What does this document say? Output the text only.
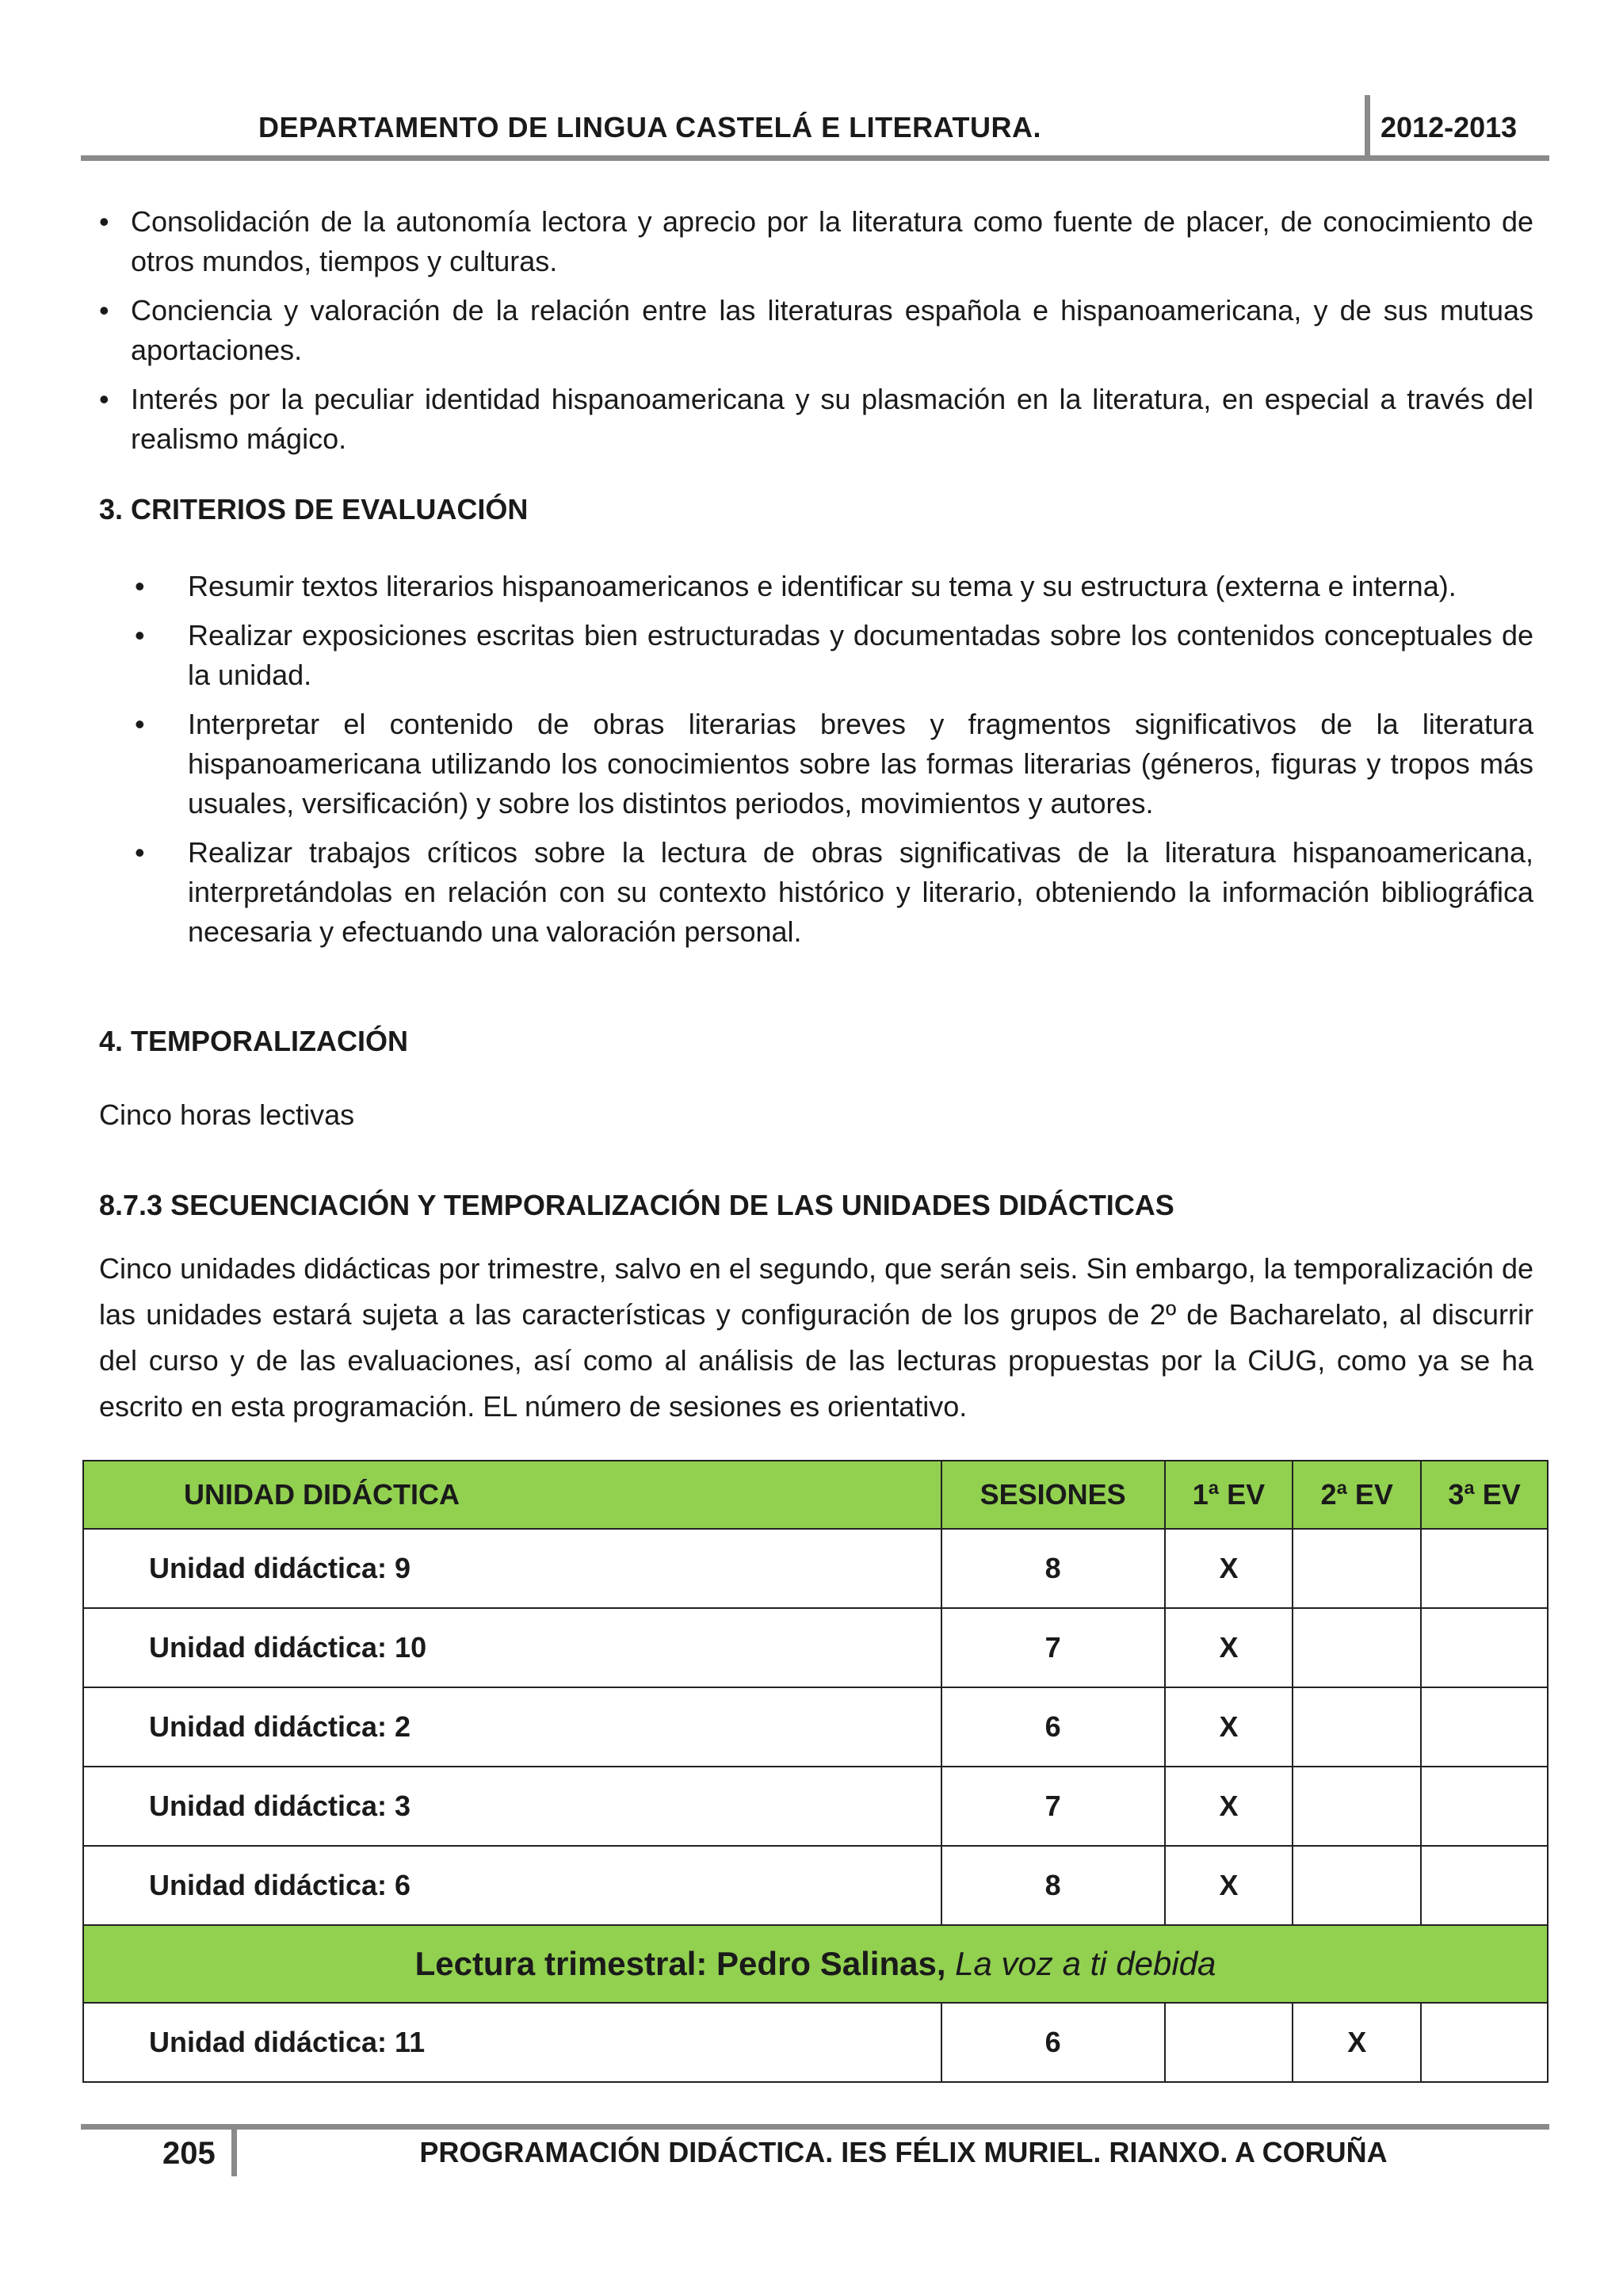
DEPARTAMENTO DE LINGUA CASTELÁ E LITERATURA.	2012-2013
• Consolidación de la autonomía lectora y aprecio por la literatura como fuente de placer, de conocimiento de otros mundos, tiempos y culturas.
• Conciencia y valoración de la relación entre las literaturas española e hispanoamericana, y de sus mutuas aportaciones.
• Interés por la peculiar identidad hispanoamericana y su plasmación en la literatura, en especial a través del realismo mágico.
3. CRITERIOS DE EVALUACIÓN
• Resumir textos literarios hispanoamericanos e identificar su tema y su estructura (externa e interna).
• Realizar exposiciones escritas bien estructuradas y documentadas sobre los contenidos conceptuales de la unidad.
• Interpretar el contenido de obras literarias breves y fragmentos significativos de la literatura hispanoamericana utilizando los conocimientos sobre las formas literarias (géneros, figuras y tropos más usuales, versificación) y sobre los distintos periodos, movimientos y autores.
• Realizar trabajos críticos sobre la lectura de obras significativas de la literatura hispanoamericana, interpretándolas en relación con su contexto histórico y literario, obteniendo la información bibliográfica necesaria y efectuando una valoración personal.
4. TEMPORALIZACIÓN
Cinco horas lectivas
8.7.3 SECUENCIACIÓN Y TEMPORALIZACIÓN DE LAS UNIDADES DIDÁCTICAS
Cinco unidades didácticas por trimestre, salvo en el segundo, que serán seis. Sin embargo, la temporalización de las unidades estará sujeta a las características y configuración de los grupos de 2º de Bacharelato, al discurrir del curso y de las evaluaciones, así como al análisis de las lecturas propuestas por la CiUG, como ya se ha escrito en esta programación. EL número de sesiones es orientativo.
UNIDAD DIDÁCTICA	SESIONES	1ª EV	2ª EV	3ª EV
Unidad didáctica: 9	8	X		
Unidad didáctica: 10	7	X		
Unidad didáctica: 2	6	X		
Unidad didáctica: 3	7	X		
Unidad didáctica: 6	8	X		
Lectura trimestral: Pedro Salinas, La voz a ti debida				
Unidad didáctica: 11	6		X	
205	PROGRAMACIÓN DIDÁCTICA. IES FÉLIX MURIEL. RIANXO. A CORUÑA
